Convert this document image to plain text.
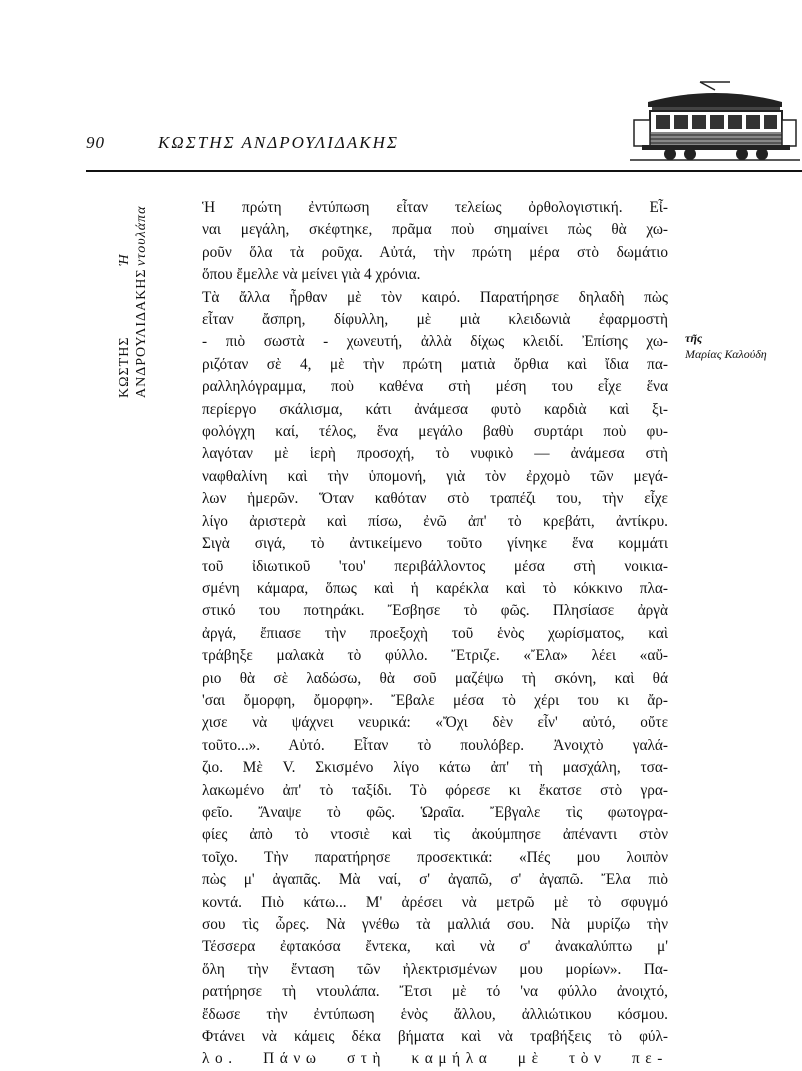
90	ΚΩΣΤΗΣ ΑΝΔΡΟΥΛΙΔΑΚΗΣ
ΚΩΣΤΗΣ ΑΝΔΡΟΥΛΙΔΑΚΗΣ
Ἡ ντουλάπα
τῆς
Μαρίας Καλούδη
Ἡ πρώτη ἐντύπωση εἶταν τελείως ὀρθολογιστική. Εἶ-
ναι μεγάλη, σκέφτηκε, πρᾶμα ποὺ σημαίνει πὼς θὰ χω-
ροῦν ὅλα τὰ ροῦχα. Αὐτά, τὴν πρώτη μέρα στὸ δωμάτιο
ὅπου ἔμελλε νὰ μείνει γιὰ 4 χρόνια.
Τὰ ἄλλα ἦρθαν μὲ τὸν καιρό. Παρατήρησε δηλαδὴ πὼς
εἶταν ἄσπρη, δίφυλλη, μὲ μιὰ κλειδωνιὰ ἐφαρμοστὴ
- πιὸ σωστὰ - χωνευτή, ἀλλὰ δίχως κλειδί. Ἐπίσης χω-
ριζόταν σὲ 4, μὲ τὴν πρώτη ματιὰ ὄρθια καὶ ἴδια πα-
ραλληλόγραμμα, ποὺ καθένα στὴ μέση του εἶχε ἕνα
περίεργο σκάλισμα, κάτι ἀνάμεσα φυτὸ καρδιὰ καὶ ξι-
φολόγχη καί, τέλος, ἕνα μεγάλο βαθὺ συρτάρι ποὺ φυ-
λαγόταν μὲ ἱερὴ προσοχή, τὸ νυφικὸ — ἀνάμεσα στὴ
ναφθαλίνη καὶ τὴν ὑπομονή, γιὰ τὸν ἐρχομὸ τῶν μεγά-
λων ἡμερῶν. Ὅταν καθόταν στὸ τραπέζι του, τὴν εἶχε
λίγο ἀριστερὰ καὶ πίσω, ἐνῶ ἀπ' τὸ κρεβάτι, ἀντίκρυ.
Σιγὰ σιγά, τὸ ἀντικείμενο τοῦτο γίνηκε ἕνα κομμάτι
τοῦ ἰδιωτικοῦ 'του' περιβάλλοντος μέσα στὴ νοικια-
σμένη κάμαρα, ὅπως καὶ ἡ καρέκλα καὶ τὸ κόκκινο πλα-
στικό του ποτηράκι. Ἔσβησε τὸ φῶς. Πλησίασε ἀργὰ
ἀργά, ἔπιασε τὴν προεξοχὴ τοῦ ἑνὸς χωρίσματος, καὶ
τράβηξε μαλακὰ τὸ φύλλο. Ἔτριζε. «Ἔλα» λέει «αὔ-
ριο θὰ σὲ λαδώσω, θὰ σοῦ μαζέψω τὴ σκόνη, καὶ θά
'σαι ὄμορφη, ὄμορφη». Ἔβαλε μέσα τὸ χέρι του κι ἄρ-
χισε νὰ ψάχνει νευρικά: «Ὄχι δὲν εἶν' αὐτό, οὔτε
τοῦτο...». Αὐτό. Εἶταν τὸ πουλόβερ. Ἀνοιχτὸ γαλά-
ζιο. Μὲ V. Σκισμένο λίγο κάτω ἀπ' τὴ μασχάλη, τσα-
λακωμένο ἀπ' τὸ ταξίδι. Τὸ φόρεσε κι ἔκατσε στὸ γρα-
φεῖο. Ἄναψε τὸ φῶς. Ὡραῖα. Ἔβγαλε τὶς φωτογρα-
φίες ἀπὸ τὸ ντοσιὲ καὶ τὶς ἀκούμπησε ἀπέναντι στὸν
τοῖχο. Τὴν παρατήρησε προσεκτικά: «Πές μου λοιπὸν
πὼς μ' ἀγαπᾶς. Μὰ ναί, σ' ἀγαπῶ, σ' ἀγαπῶ. Ἔλα πιὸ
κοντά. Πιὸ κάτω... Μ' ἀρέσει νὰ μετρῶ μὲ τὸ σφυγμό
σου τὶς ὧρες. Νὰ γνέθω τὰ μαλλιά σου. Νὰ μυρίζω τὴν
Τέσσερα ἐφτακόσα ἔντεκα, καὶ νὰ σ' ἀνακαλύπτω μ'
ὅλη τὴν ἔνταση τῶν ἠλεκτρισμένων μου μορίων». Πα-
ρατήρησε τὴ ντουλάπα. Ἔτσι μὲ τό 'να φύλλο ἀνοιχτό,
ἔδωσε τὴν ἐντύπωση ἑνὸς ἄλλου, ἀλλιώτικου κόσμου.
Φτάνει νὰ κάμεις δέκα βήματα καὶ νὰ τραβήξεις τὸ φύλ-
λο. Πάνω στὴ καμήλα μὲ τὸν πε-
